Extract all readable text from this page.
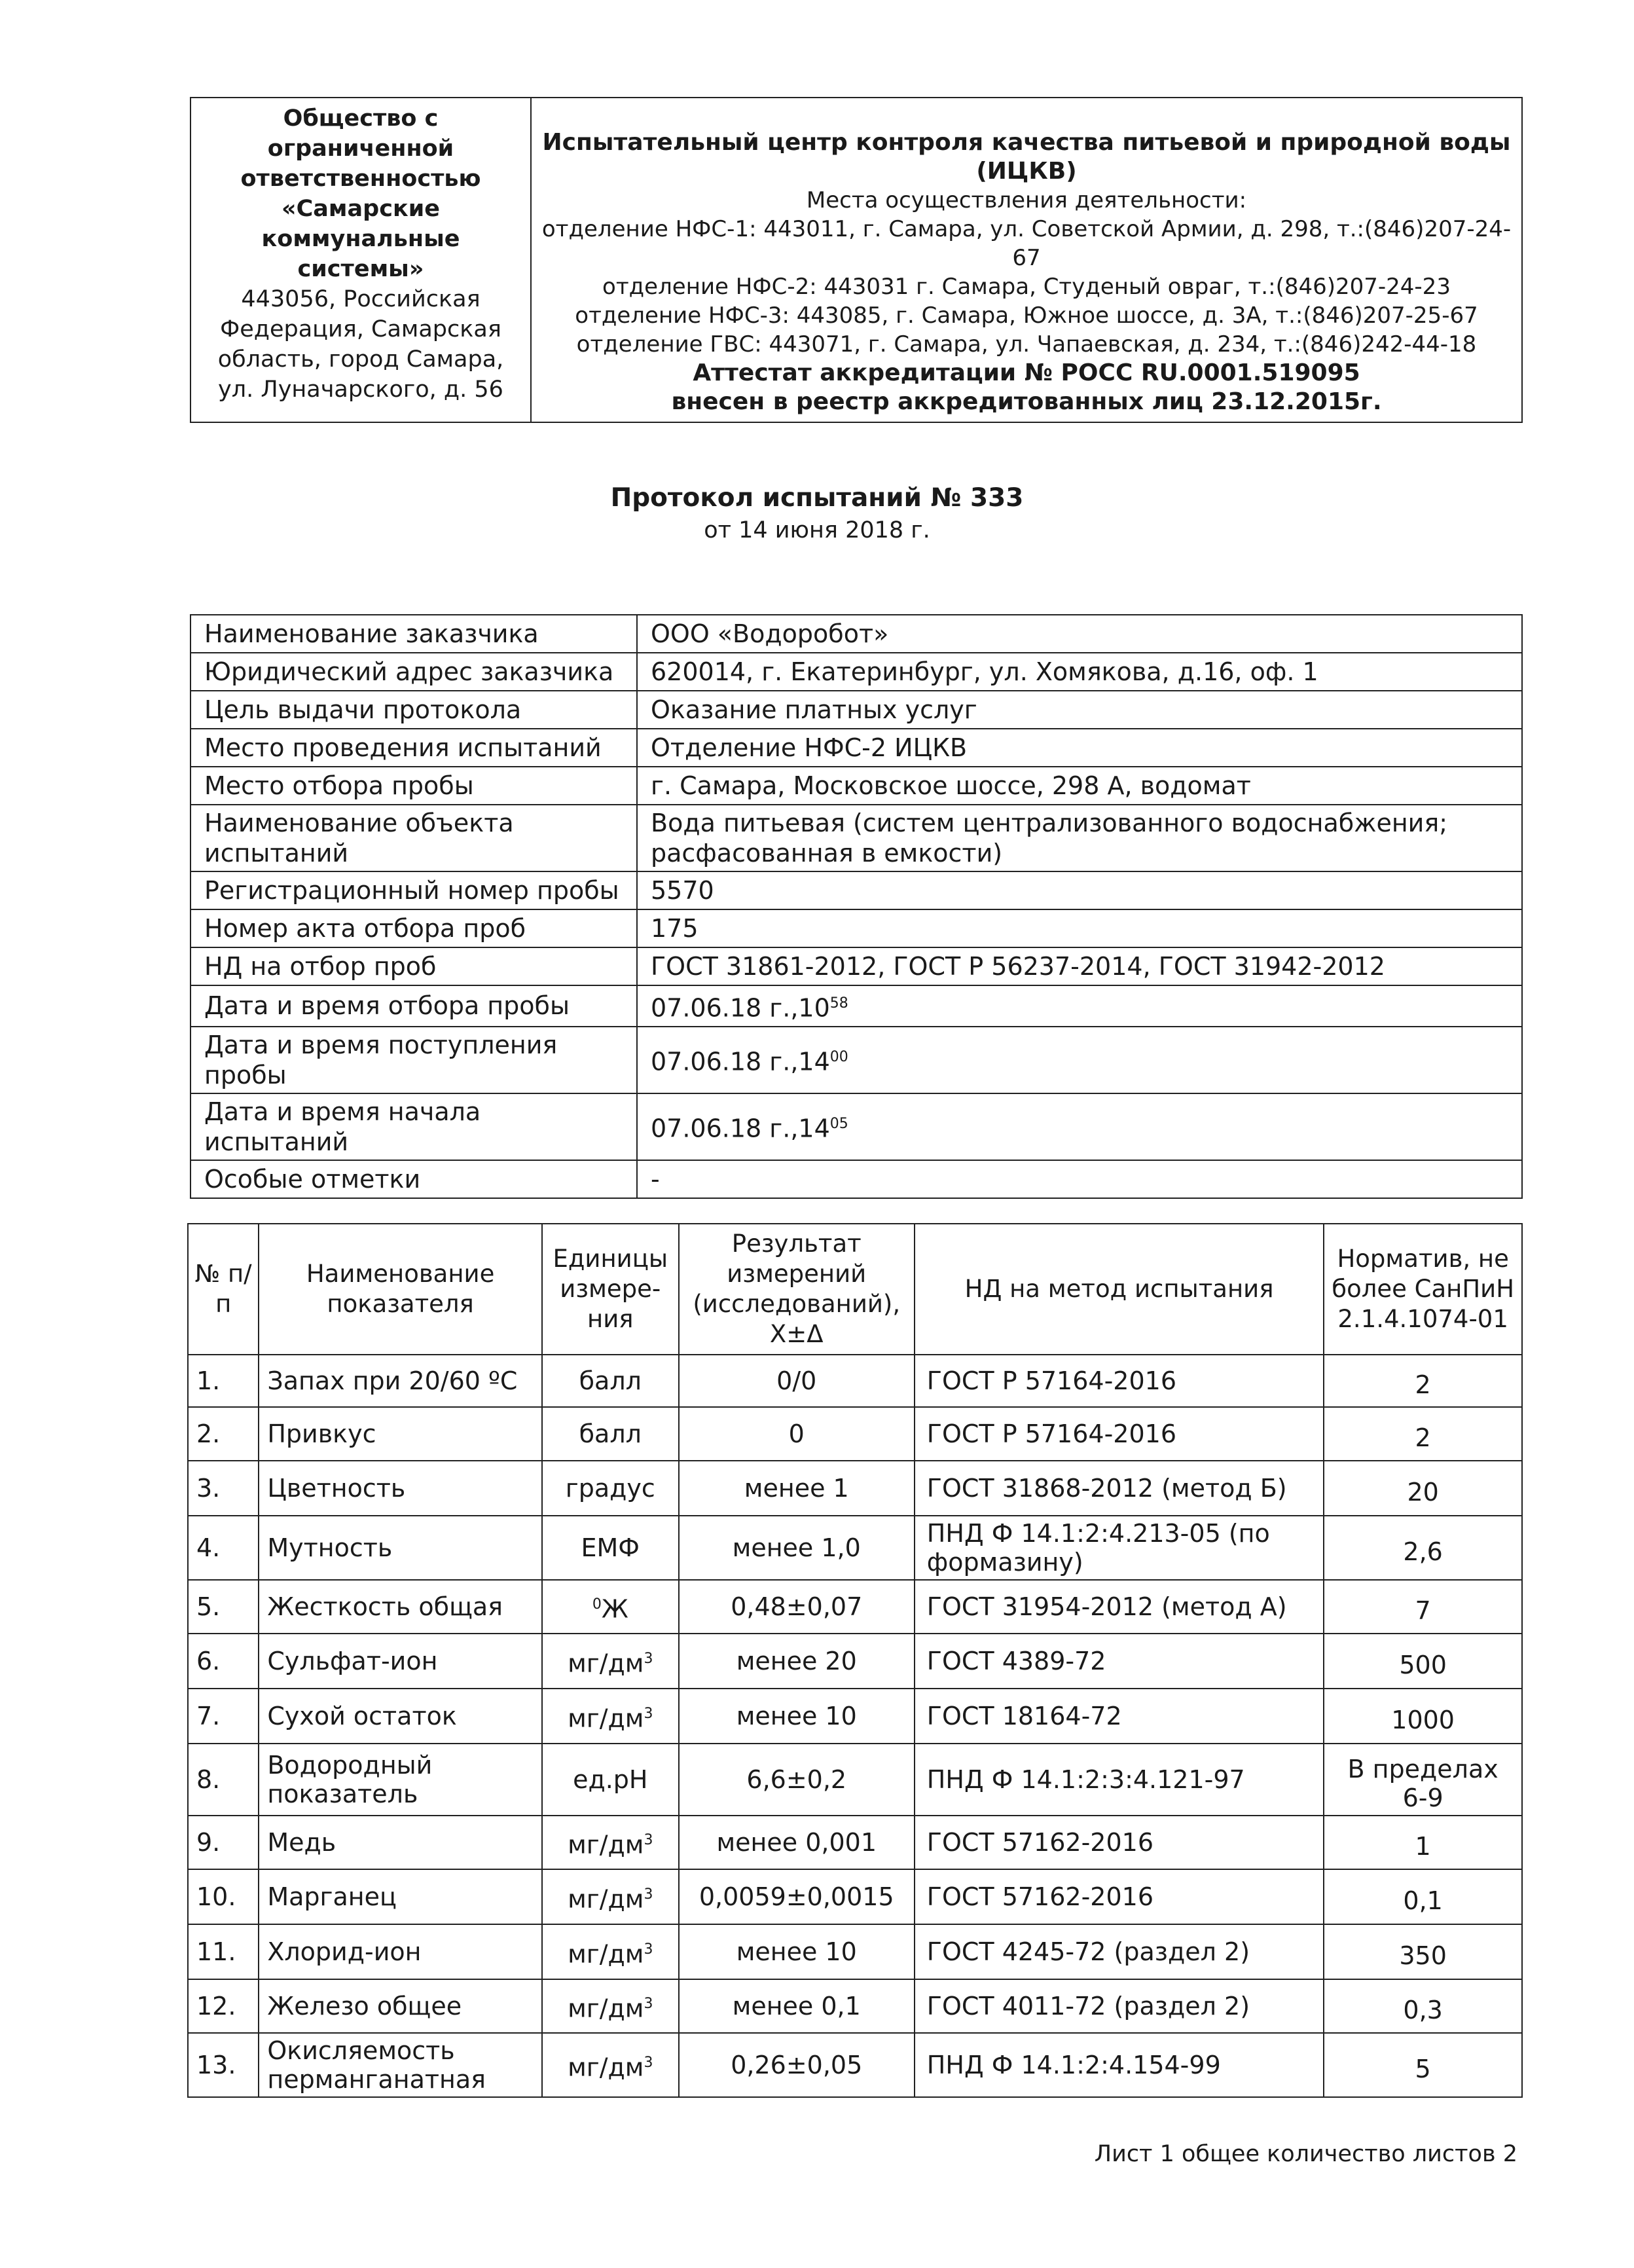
Общество с
ограниченной
ответственностью
«Самарские
коммунальные
системы»
443056, Российская
Федерация, Самарская
область, город Самара,
ул. Луначарского, д. 56

Испытательный центр контроля качества питьевой и природной воды
(ИЦКВ)
Места осуществления деятельности:
отделение НФС-1: 443011, г. Самара, ул. Советской Армии, д. 298, т.:(846)207-24-67
отделение НФС-2: 443031 г. Самара, Студеный овраг, т.:(846)207-24-23
отделение НФС-3: 443085, г. Самара, Южное шоссе, д. 3А, т.:(846)207-25-67
отделение ГВС: 443071, г. Самара, ул. Чапаевская, д. 234, т.:(846)242-44-18
Аттестат аккредитации № РОСС RU.0001.519095
внесен в реестр аккредитованных лиц 23.12.2015г.
Протокол испытаний № 333
от 14 июня 2018 г.
Наименование заказчика	ООО «Водоробот»
Юридический адрес заказчика	620014, г. Екатеринбург, ул. Хомякова, д.16, оф. 1
Цель выдачи протокола	Оказание платных услуг
Место проведения испытаний	Отделение НФС-2 ИЦКВ
Место отбора пробы	г. Самара, Московское шоссе, 298 А, водомат
Наименование объекта испытаний	Вода питьевая (систем централизованного водоснабжения; расфасованная в емкости)
Регистрационный номер пробы	5570
Номер акта отбора проб	175
НД на отбор проб	ГОСТ 31861-2012, ГОСТ Р 56237-2014, ГОСТ 31942-2012
Дата и время отбора пробы	07.06.18 г.,10$^{58}$
Дата и время поступления пробы	07.06.18 г.,14$^{00}$
Дата и время начала испытаний	07.06.18 г.,14$^{05}$
Особые отметки	-
№ п/п	Наименование показателя	Единицы измере-ния	Результат измерений (исследований), Х±Δ	НД на метод испытания	Норматив, не более СанПиН 2.1.4.1074-01
1.	Запах при 20/60 ºС	балл	0/0	ГОСТ Р 57164-2016	2
2.	Привкус	балл	0	ГОСТ Р 57164-2016	2
3.	Цветность	градус	менее 1	ГОСТ 31868-2012 (метод Б)	20
4.	Мутность	ЕМФ	менее 1,0	ПНД Ф 14.1:2:4.213-05 (по формазину)	2,6
5.	Жесткость общая	$^0$Ж	0,48±0,07	ГОСТ 31954-2012 (метод А)	7
6.	Сульфат-ион	$мг/дм^3$	менее 20	ГОСТ 4389-72	500
7.	Сухой остаток	$мг/дм^3$	менее 10	ГОСТ 18164-72	1000
8.	Водородный показатель	ед.рН	6,6±0,2	ПНД Ф 14.1:2:3:4.121-97	В пределах 6-9
9.	Медь	$мг/дм^3$	менее 0,001	ГОСТ 57162-2016	1
10.	Марганец	$мг/дм^3$	0,0059±0,0015	ГОСТ 57162-2016	0,1
11.	Хлорид-ион	$мг/дм^3$	менее 10	ГОСТ 4245-72 (раздел 2)	350
12.	Железо общее	$мг/дм^3$	менее 0,1	ГОСТ 4011-72 (раздел 2)	0,3
13.	Окисляемость перманганатная	$мг/дм^3$	0,26±0,05	ПНД Ф 14.1:2:4.154-99	5
Лист 1 общее количество листов 2
